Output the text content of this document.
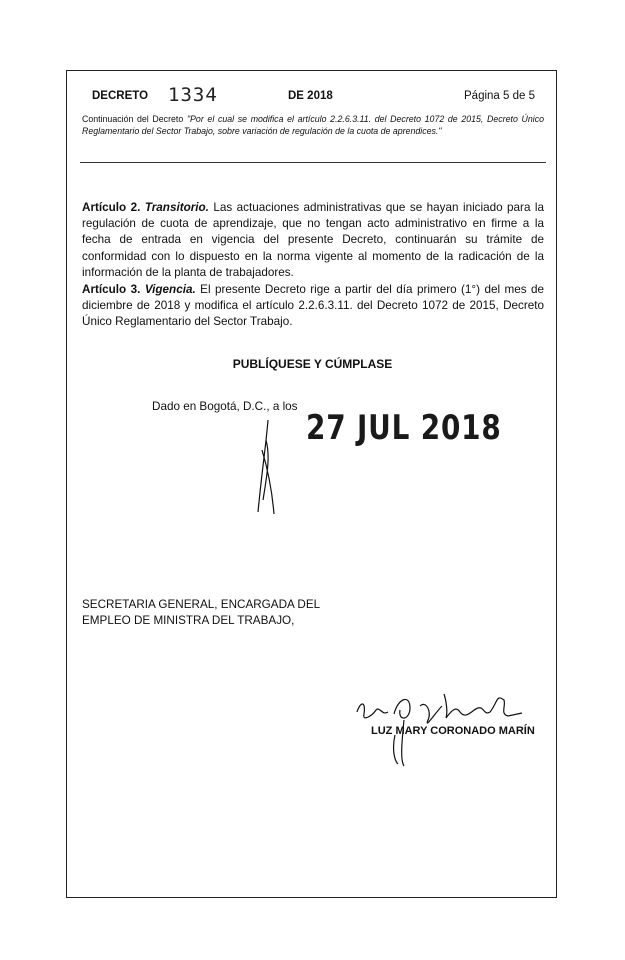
DECRETO 1334	DE 2018	Página 5 de 5
Continuación del Decreto "Por el cual se modifica el artículo 2.2.6.3.11. del Decreto 1072 de 2015, Decreto Único Reglamentario del Sector Trabajo, sobre variación de regulación de la cuota de aprendices."
Artículo 2. Transitorio. Las actuaciones administrativas que se hayan iniciado para la regulación de cuota de aprendizaje, que no tengan acto administrativo en firme a la fecha de entrada en vigencia del presente Decreto, continuarán su trámite de conformidad con lo dispuesto en la norma vigente al momento de la radicación de la información de la planta de trabajadores.
Artículo 3. Vigencia. El presente Decreto rige a partir del día primero (1°) del mes de diciembre de 2018 y modifica el artículo 2.2.6.3.11. del Decreto 1072 de 2015, Decreto Único Reglamentario del Sector Trabajo.
PUBLÍQUESE Y CÚMPLASE
Dado en Bogotá, D.C., a los
27 JUL 2018
SECRETARIA GENERAL, ENCARGADA DEL
EMPLEO DE MINISTRA DEL TRABAJO,
LUZ MARY CORONADO MARÍN
